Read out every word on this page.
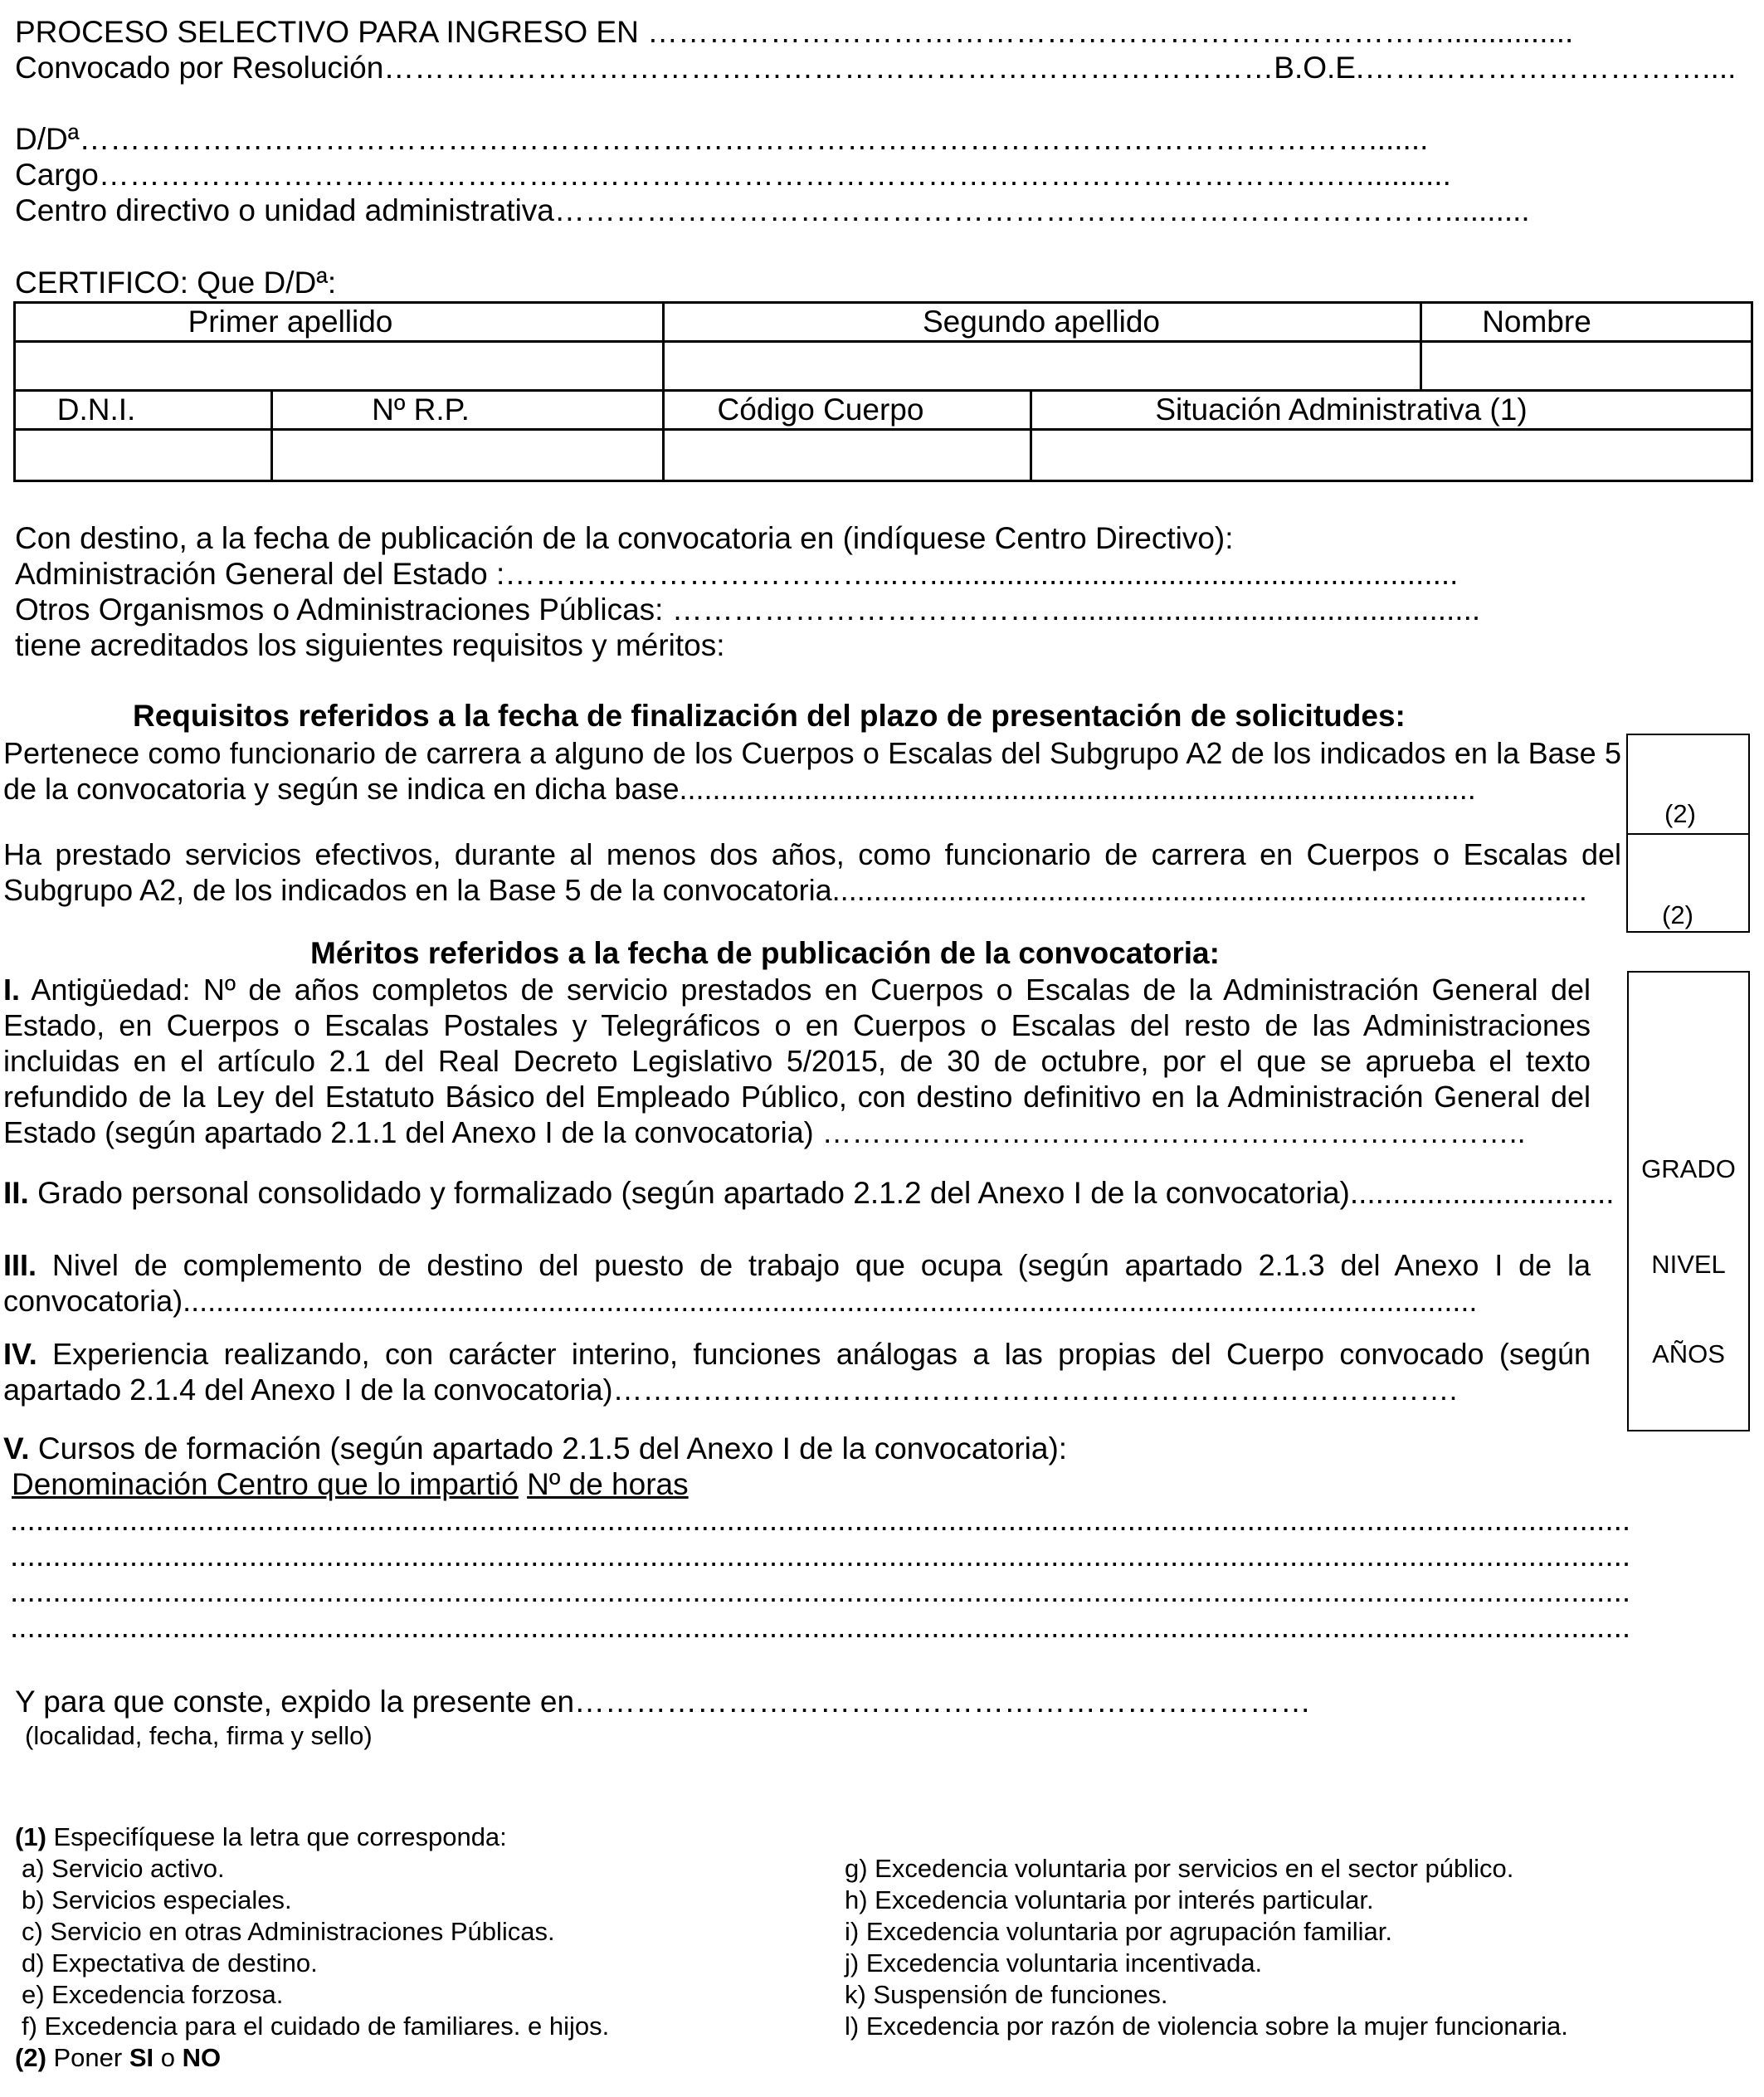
PROCESO SELECTIVO PARA INGRESO EN ……………………………………………………………………...............
Convocado por Resolución……………………………………………………………………………B.O.E.……………………………....
D/Dª……………………………………………………………………………………………………………….......
Cargo………………………………………………………………………………………………………….…..........
Centro directivo o unidad administrativa……………………………………………………………………………..........
CERTIFICO: Que D/Dª:
Primer apellido	Segundo apellido	Nombre
D.N.I.	Nº R.P.	Código Cuerpo	Situación Administrativa (1)
Con destino, a la fecha de publicación de la convocatoria en (indíquese Centro Directivo):
Administración General del Estado :………………………………...…..............................................................
Otros Organismos o Administraciones Públicas: …………………………………................................................
tiene acreditados los siguientes requisitos y méritos:
Requisitos referidos a la fecha de finalización del plazo de presentación de solicitudes:
Pertenece como funcionario de carrera a alguno de los Cuerpos o Escalas del Subgrupo A2 de los indicados en la Base 5 de la convocatoria y según se indica en dicha base................................................................................................
Ha prestado servicios efectivos, durante al menos dos años, como funcionario de carrera en Cuerpos o Escalas del Subgrupo A2, de los indicados en la Base 5 de la convocatoria...........................................................................................
(2)
(2)
Méritos referidos a la fecha de publicación de la convocatoria:
I. Antigüedad: Nº de años completos de servicio prestados en Cuerpos o Escalas de la Administración General del Estado, en Cuerpos o Escalas Postales y Telegráficos o en Cuerpos o Escalas del resto de las Administraciones incluidas en el artículo 2.1 del Real Decreto Legislativo 5/2015, de 30 de octubre, por el que se aprueba el texto refundido de la Ley del Estatuto Básico del Empleado Público, con destino definitivo en la Administración General del Estado (según apartado 2.1.1 del Anexo I de la convocatoria) ……………………………………………………………..
II. Grado personal consolidado y formalizado (según apartado 2.1.2 del Anexo I de la convocatoria)...............................
III. Nivel de complemento de destino del puesto de trabajo que ocupa (según apartado 2.1.3 del Anexo I de la convocatoria)............................................................................................................................................................
IV. Experiencia realizando, con carácter interino, funciones análogas a las propias del Cuerpo convocado (según apartado 2.1.4 del Anexo I de la convocatoria)………………………………………………………………………….
V. Cursos de formación (según apartado 2.1.5 del Anexo I de la convocatoria):
Denominación Centro que lo impartió Nº de horas
..............................................................................................................................................................................................
..............................................................................................................................................................................................
..............................................................................................................................................................................................
..............................................................................................................................................................................................
GRADO
NIVEL
AÑOS
Y para que conste, expido la presente en………………………………………………………………
(localidad, fecha, firma y sello)
(1) Especifíquese la letra que corresponda:
a) Servicio activo.
b) Servicios especiales.
c) Servicio en otras Administraciones Públicas.
d) Expectativa de destino.
e) Excedencia forzosa.
f) Excedencia para el cuidado de familiares. e hijos.
g) Excedencia voluntaria por servicios en el sector público.
h) Excedencia voluntaria por interés particular.
i) Excedencia voluntaria por agrupación familiar.
j) Excedencia voluntaria incentivada.
k) Suspensión de funciones.
l) Excedencia por razón de violencia sobre la mujer funcionaria.
(2) Poner SI o NO
